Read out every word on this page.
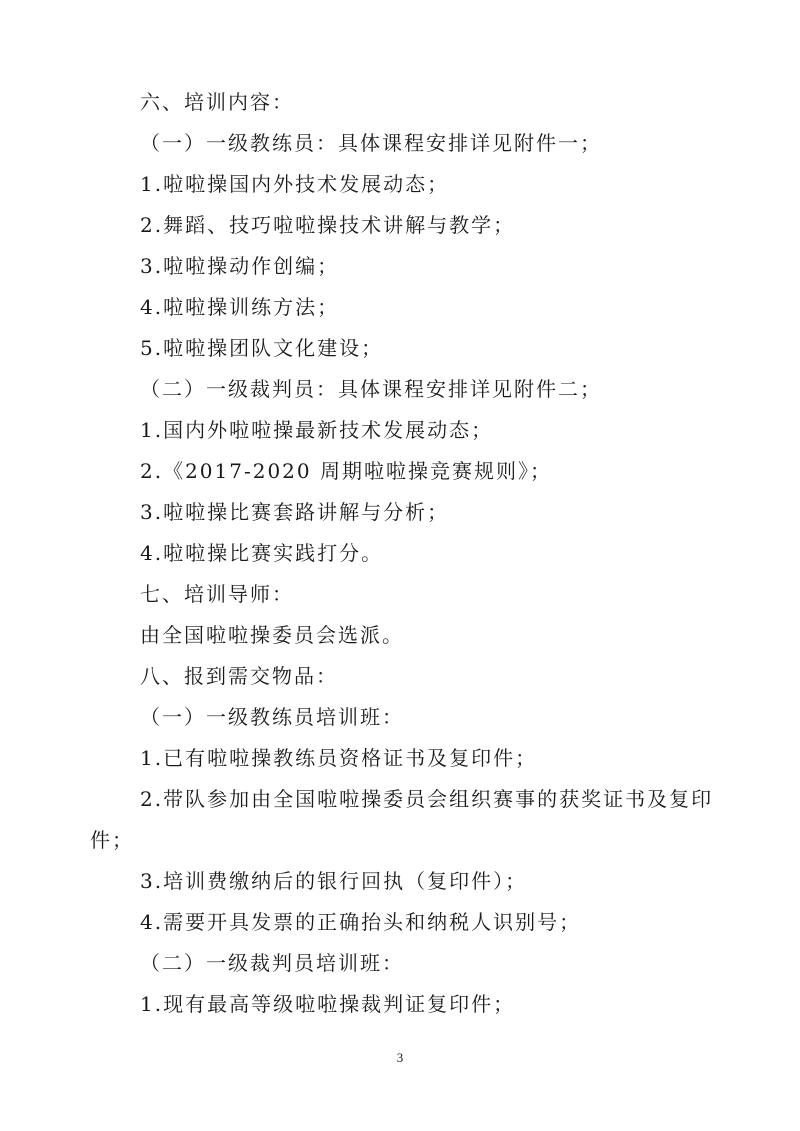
六、培训内容：
（一）一级教练员：具体课程安排详见附件一；
1.啦啦操国内外技术发展动态；
2.舞蹈、技巧啦啦操技术讲解与教学；
3.啦啦操动作创编；
4.啦啦操训练方法；
5.啦啦操团队文化建设；
（二）一级裁判员：具体课程安排详见附件二；
1.国内外啦啦操最新技术发展动态；
2.《2017-2020 周期啦啦操竞赛规则》；
3.啦啦操比赛套路讲解与分析；
4.啦啦操比赛实践打分。
七、培训导师：
由全国啦啦操委员会选派。
八、报到需交物品：
（一）一级教练员培训班：
1.已有啦啦操教练员资格证书及复印件；
2.带队参加由全国啦啦操委员会组织赛事的获奖证书及复印
件；
3.培训费缴纳后的银行回执（复印件）；
4.需要开具发票的正确抬头和纳税人识别号；
（二）一级裁判员培训班：
1.现有最高等级啦啦操裁判证复印件；
3
